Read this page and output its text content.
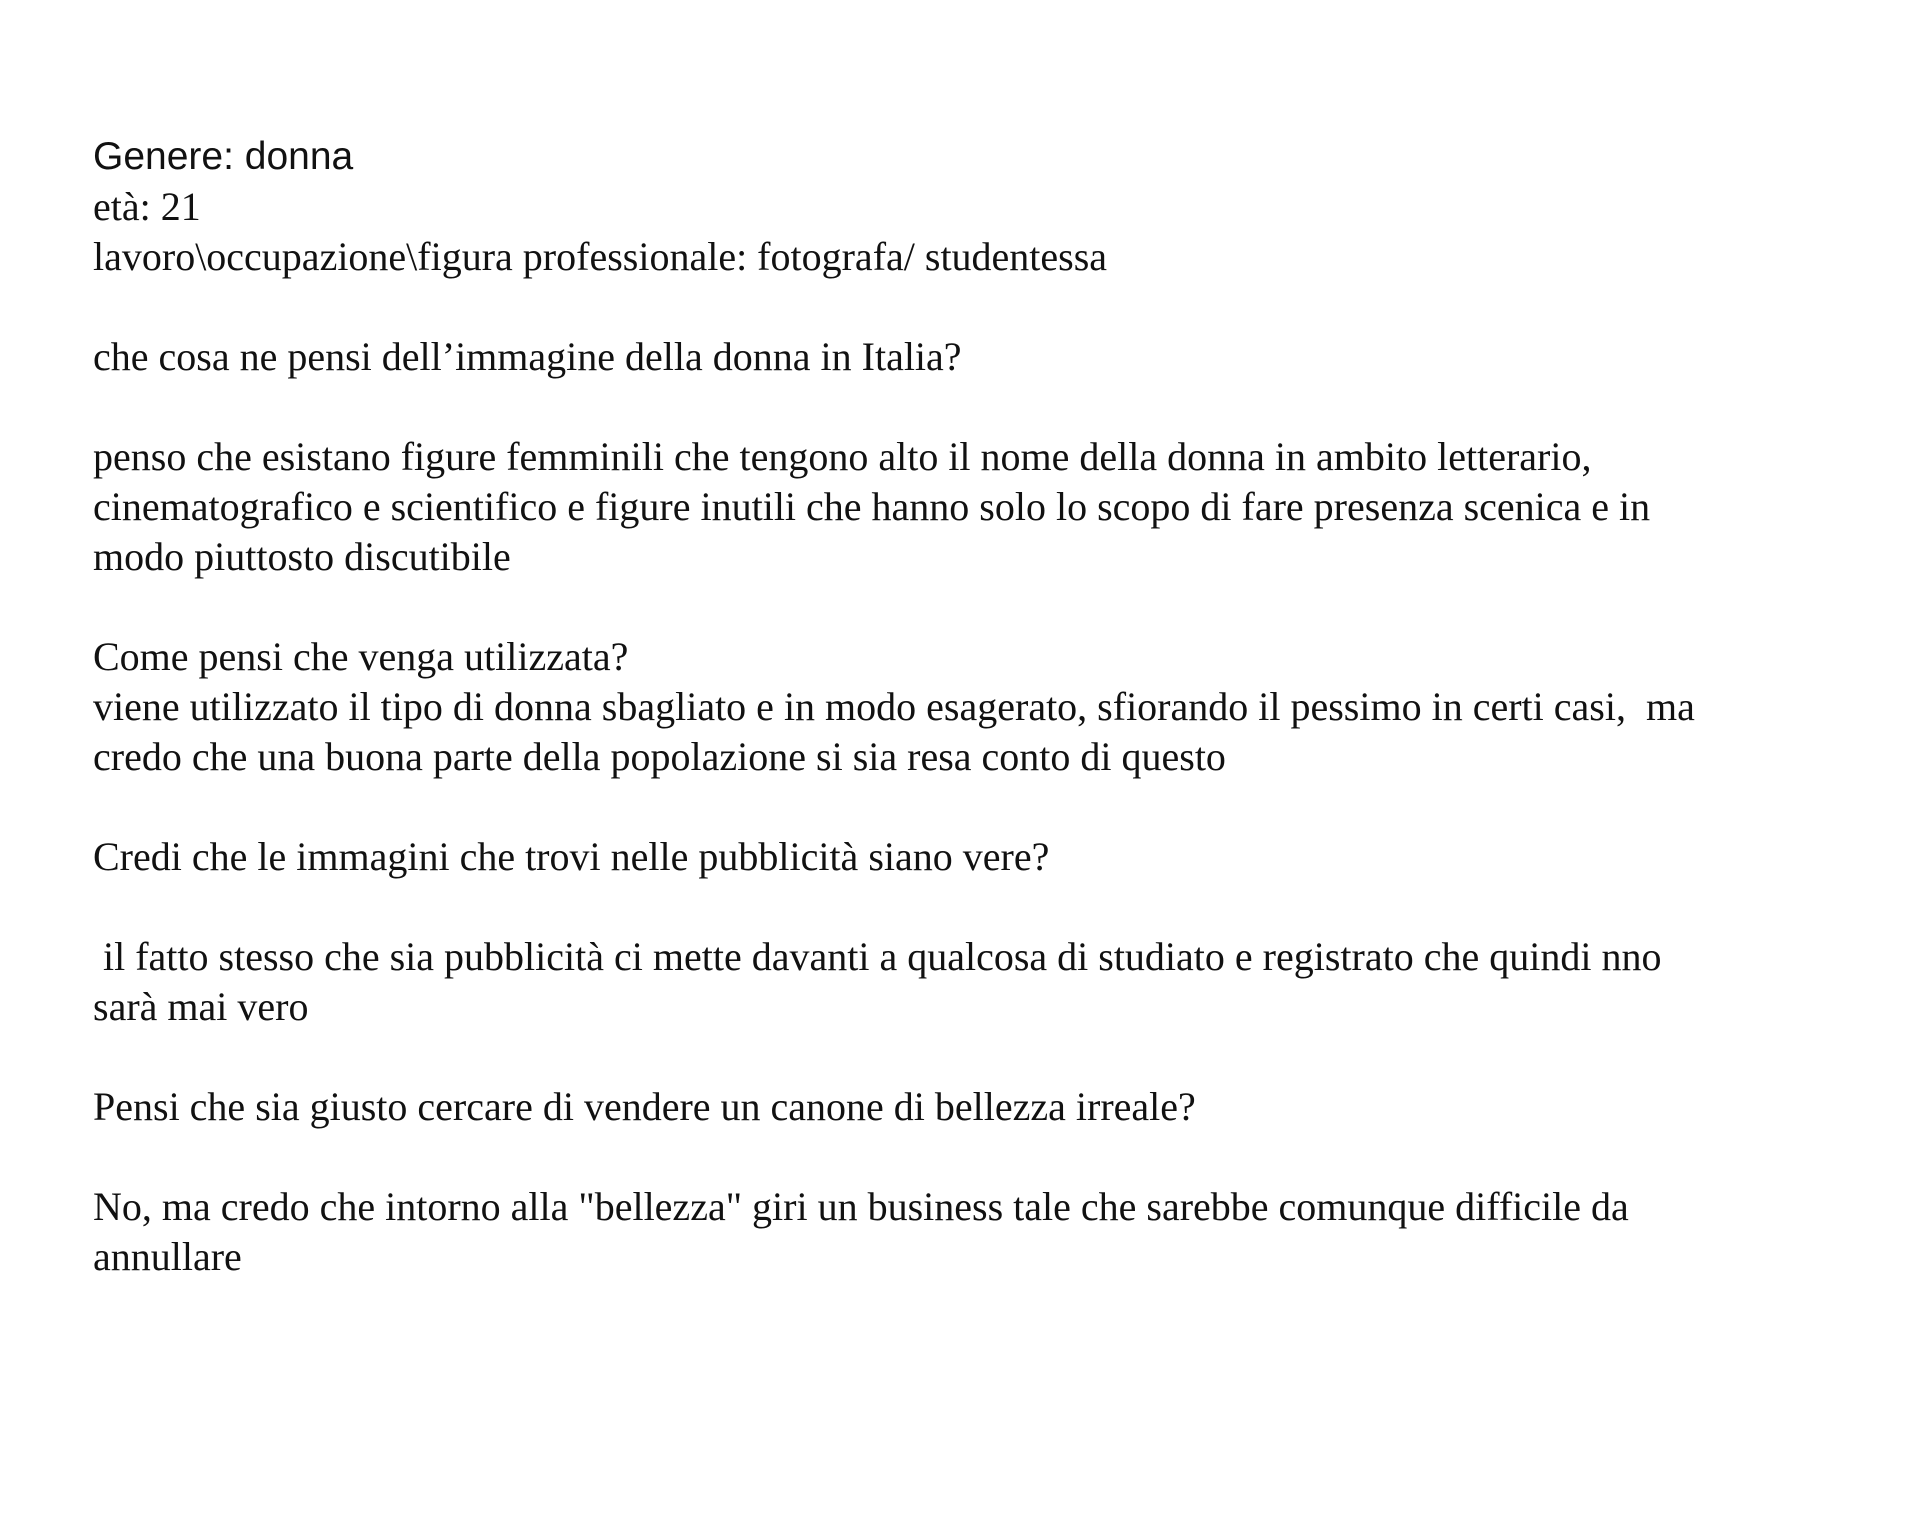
Genere: donna
età: 21
lavoro\occupazione\figura professionale: fotografa/ studentessa
che cosa ne pensi dell’immagine della donna in Italia?
penso che esistano figure femminili che tengono alto il nome della donna in ambito letterario,
cinematografico e scientifico e figure inutili che hanno solo lo scopo di fare presenza scenica e in
modo piuttosto discutibile
Come pensi che venga utilizzata?
viene utilizzato il tipo di donna sbagliato e in modo esagerato, sfiorando il pessimo in certi casi,  ma
credo che una buona parte della popolazione si sia resa conto di questo
Credi che le immagini che trovi nelle pubblicità siano vere?
il fatto stesso che sia pubblicità ci mette davanti a qualcosa di studiato e registrato che quindi nno
sarà mai vero
Pensi che sia giusto cercare di vendere un canone di bellezza irreale?
No, ma credo che intorno alla "bellezza" giri un business tale che sarebbe comunque difficile da
annullare
